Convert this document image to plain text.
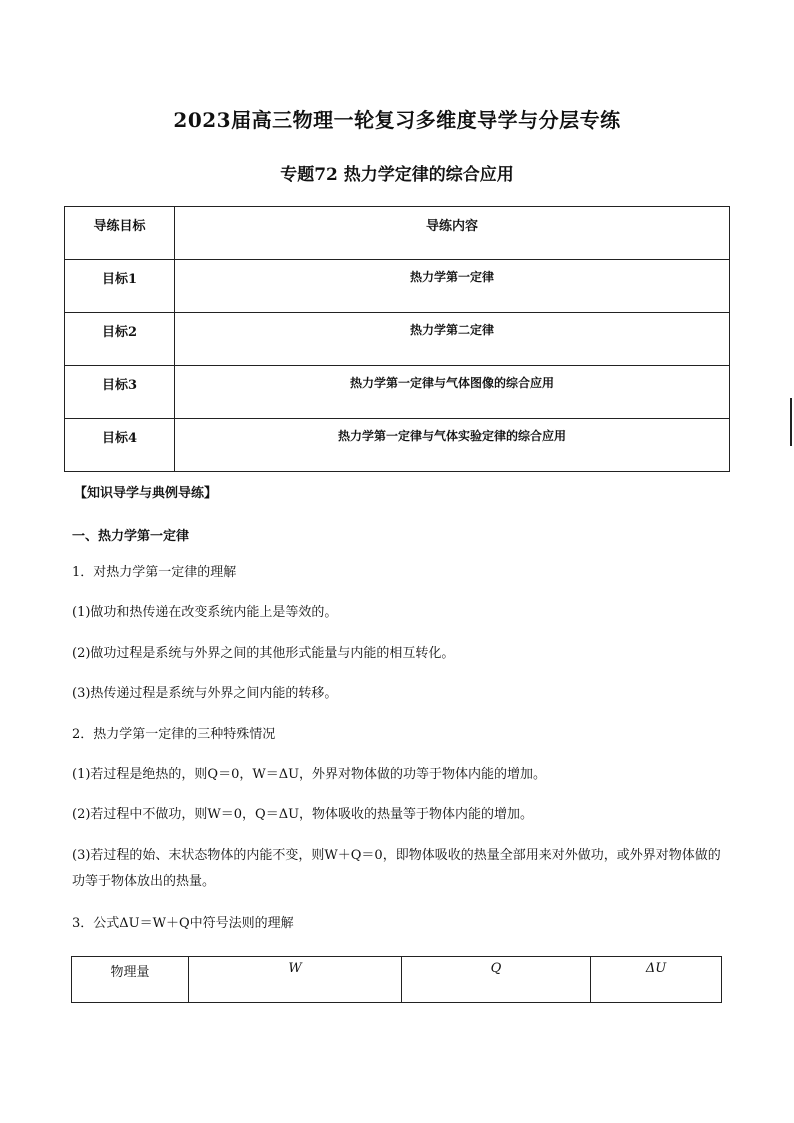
2023届高三物理一轮复习多维度导学与分层专练
专题72 热力学定律的综合应用
导练目标	导练内容
目标1	热力学第一定律
目标2	热力学第二定律
目标3	热力学第一定律与气体图像的综合应用
目标4	热力学第一定律与气体实验定律的综合应用
【知识导学与典例导练】
一、热力学第一定律
1．对热力学第一定律的理解
(1)做功和热传递在改变系统内能上是等效的。
(2)做功过程是系统与外界之间的其他形式能量与内能的相互转化。
(3)热传递过程是系统与外界之间内能的转移。
2．热力学第一定律的三种特殊情况
(1)若过程是绝热的，则Q＝0，W＝ΔU，外界对物体做的功等于物体内能的增加。
(2)若过程中不做功，则W＝0，Q＝ΔU，物体吸收的热量等于物体内能的增加。
(3)若过程的始、末状态物体的内能不变，则W＋Q＝0，即物体吸收的热量全部用来对外做功，或外界对物体做的功等于物体放出的热量。
3．公式ΔU＝W＋Q中符号法则的理解
物理量	W	Q	ΔU
